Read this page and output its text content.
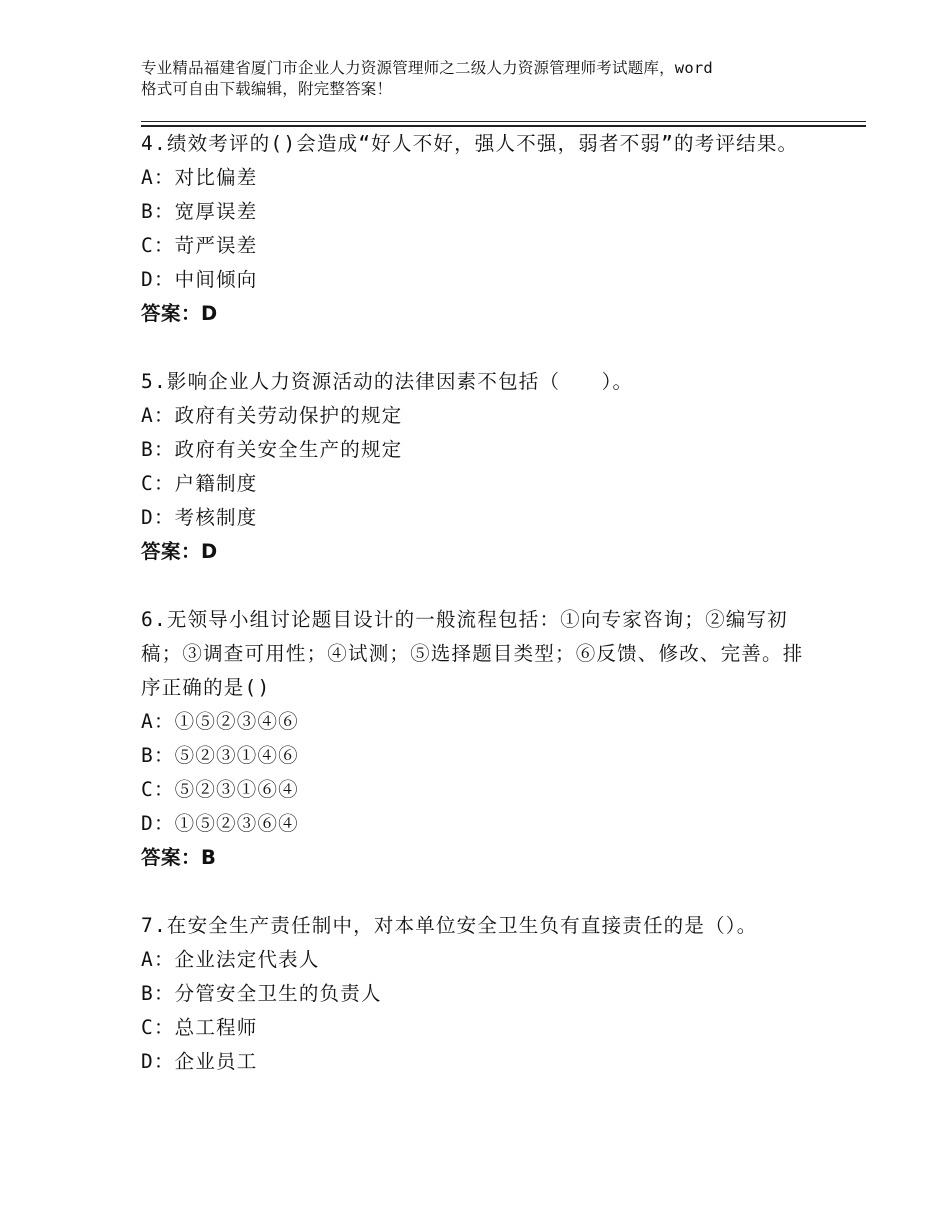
专业精品福建省厦门市企业人力资源管理师之二级人力资源管理师考试题库，word
格式可自由下载编辑，附完整答案！

4.绩效考评的()会造成“好人不好，强人不强，弱者不弱”的考评结果。

A：对比偏差

B：宽厚误差

C：苛严误差

D：中间倾向

答案：D

5.影响企业人力资源活动的法律因素不包括（　　）。

A：政府有关劳动保护的规定

B：政府有关安全生产的规定

C：户籍制度

D：考核制度

答案：D

6.无领导小组讨论题目设计的一般流程包括：①向专家咨询；②编写初稿；③调查可用性；④试测；⑤选择题目类型；⑥反馈、修改、完善。排序正确的是()

A：①⑤②③④⑥

B：⑤②③①④⑥

C：⑤②③①⑥④

D：①⑤②③⑥④

答案：B

7.在安全生产责任制中，对本单位安全卫生负有直接责任的是（）。

A：企业法定代表人

B：分管安全卫生的负责人

C：总工程师

D：企业员工
